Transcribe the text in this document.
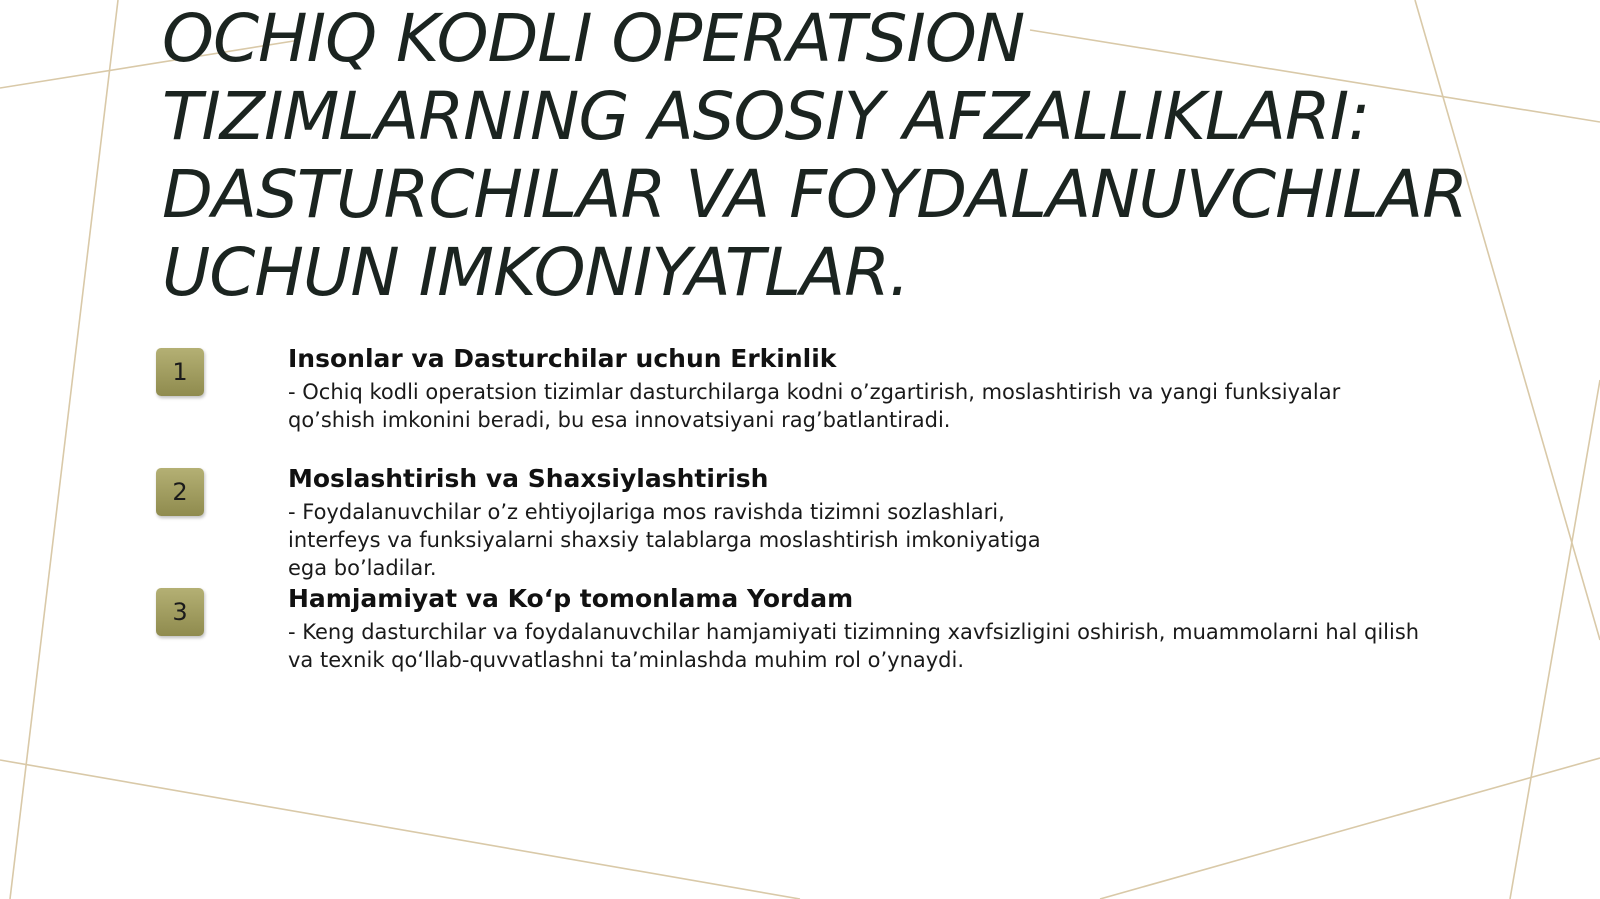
OCHIQ KODLI OPERATSION
TIZIMLARNING ASOSIY AFZALLIKLARI:
DASTURCHILAR VA FOYDALANUVCHILAR
UCHUN IMKONIYATLAR.
1	Insonlar va Dasturchilar uchun Erkinlik

- Ochiq kodli operatsion tizimlar dasturchilarga kodni o’zgartirish, moslashtirish va yangi funksiyalar qo’shish imkonini beradi, bu esa innovatsiyani rag’batlantiradi.

2	Moslashtirish va Shaxsiylashtirish

- Foydalanuvchilar o’z ehtiyojlariga mos ravishda tizimni sozlashlari, interfeys va funksiyalarni shaxsiy talablarga moslashtirish imkoniyatiga ega bo’ladilar.

3	Hamjamiyat va Ko‘p tomonlama Yordam

- Keng dasturchilar va foydalanuvchilar hamjamiyati tizimning xavfsizligini oshirish, muammolarni hal qilish va texnik qo‘llab-quvvatlashni ta’minlashda muhim rol o’ynaydi.
